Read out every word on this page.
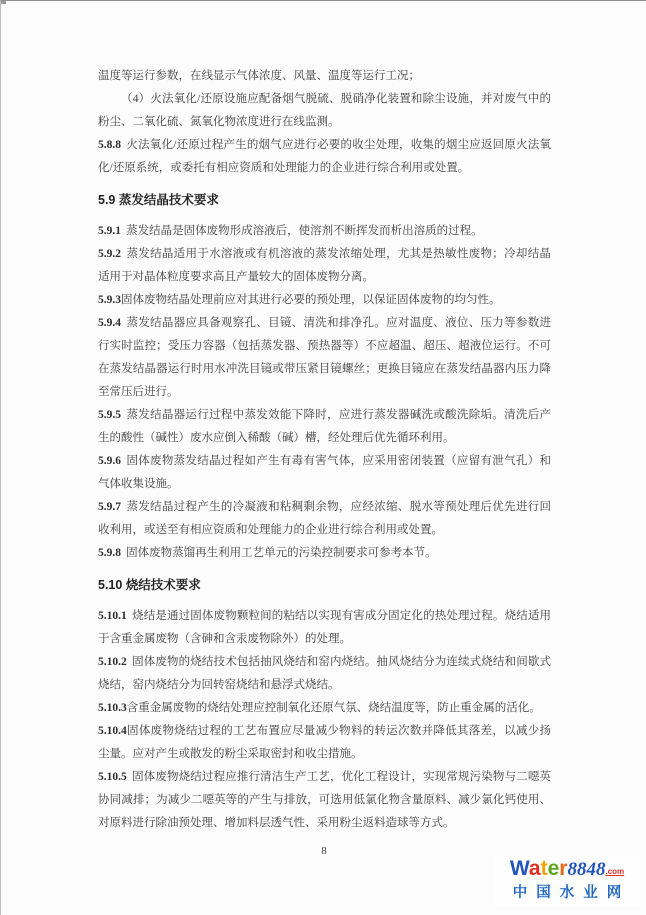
温度等运行参数，在线显示气体浓度、风量、温度等运行工况；

（4）火法氧化/还原设施应配备烟气脱硫、脱硝净化装置和除尘设施，并对废气中的粉尘、二氧化硫、氮氧化物浓度进行在线监测。

5.8.8 火法氧化/还原过程产生的烟气应进行必要的收尘处理，收集的烟尘应返回原火法氧化/还原系统，或委托有相应资质和处理能力的企业进行综合利用或处置。

5.9 蒸发结晶技术要求

5.9.1 蒸发结晶是固体废物形成溶液后，使溶剂不断挥发而析出溶质的过程。

5.9.2 蒸发结晶适用于水溶液或有机溶液的蒸发浓缩处理，尤其是热敏性废物；冷却结晶适用于对晶体粒度要求高且产量较大的固体废物分离。

5.9.3固体废物结晶处理前应对其进行必要的预处理，以保证固体废物的均匀性。

5.9.4 蒸发结晶器应具备观察孔、目镜、清洗和排净孔。应对温度、液位、压力等参数进行实时监控；受压力容器（包括蒸发器、预热器等）不应超温、超压、超液位运行。不可在蒸发结晶器运行时用水冲洗目镜或带压紧目镜螺丝；更换目镜应在蒸发结晶器内压力降至常压后进行。

5.9.5 蒸发结晶器运行过程中蒸发效能下降时，应进行蒸发器碱洗或酸洗除垢。清洗后产生的酸性（碱性）废水应倒入稀酸（碱）槽，经处理后优先循环利用。

5.9.6 固体废物蒸发结晶过程如产生有毒有害气体，应采用密闭装置（应留有泄气孔）和气体收集设施。

5.9.7 蒸发结晶过程产生的冷凝液和粘稠剩余物，应经浓缩、脱水等预处理后优先进行回收利用，或送至有相应资质和处理能力的企业进行综合利用或处置。

5.9.8 固体废物蒸馏再生利用工艺单元的污染控制要求可参考本节。

5.10 烧结技术要求

5.10.1 烧结是通过固体废物颗粒间的粘结以实现有害成分固定化的热处理过程。烧结适用于含重金属废物（含砷和含汞废物除外）的处理。

5.10.2 固体废物的烧结技术包括抽风烧结和窑内烧结。抽风烧结分为连续式烧结和间歇式烧结，窑内烧结分为回转窑烧结和悬浮式烧结。

5.10.3含重金属废物的烧结处理应控制氧化还原气氛、烧结温度等，防止重金属的活化。

5.10.4固体废物烧结过程的工艺布置应尽量减少物料的转运次数并降低其落差，以减少扬尘量。应对产生或散发的粉尘采取密封和收尘措施。

5.10.5 固体废物烧结过程应推行清洁生产工艺，优化工程设计，实现常规污染物与二噁英协同减排；为减少二噁英等的产生与排放，可选用低氯化物含量原料、减少氯化钙使用、对原料进行除油预处理、增加料层透气性、采用粉尘返料造球等方式。

8
Water8848.com
中国水业网
